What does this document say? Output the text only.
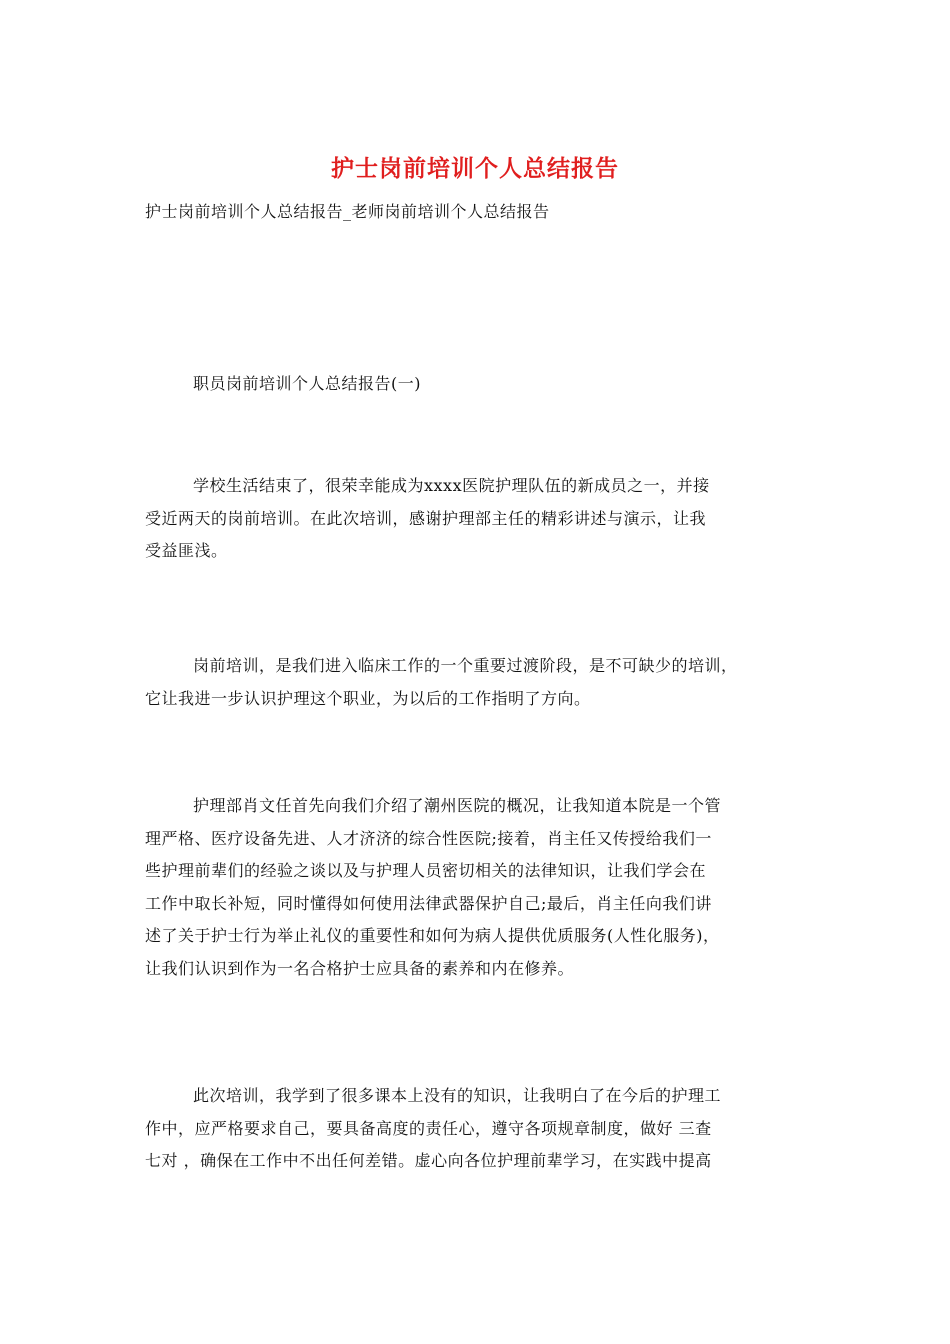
护士岗前培训个人总结报告
护士岗前培训个人总结报告_老师岗前培训个人总结报告
职员岗前培训个人总结报告(一)

学校生活结束了，很荣幸能成为xxxx医院护理队伍的新成员之一，并接
受近两天的岗前培训。在此次培训，感谢护理部主任的精彩讲述与演示，让我
受益匪浅。

岗前培训，是我们进入临床工作的一个重要过渡阶段，是不可缺少的培训，
它让我进一步认识护理这个职业，为以后的工作指明了方向。

护理部肖文任首先向我们介绍了潮州医院的概况，让我知道本院是一个管
理严格、医疗设备先进、人才济济的综合性医院;接着，肖主任又传授给我们一
些护理前辈们的经验之谈以及与护理人员密切相关的法律知识，让我们学会在
工作中取长补短，同时懂得如何使用法律武器保护自己;最后，肖主任向我们讲
述了关于护士行为举止礼仪的重要性和如何为病人提供优质服务(人性化服务)，
让我们认识到作为一名合格护士应具备的素养和内在修养。

此次培训，我学到了很多课本上没有的知识，让我明白了在今后的护理工
作中，应严格要求自己，要具备高度的责任心，遵守各项规章制度，做好 三查
七对 ，确保在工作中不出任何差错。虚心向各位护理前辈学习，在实践中提高
